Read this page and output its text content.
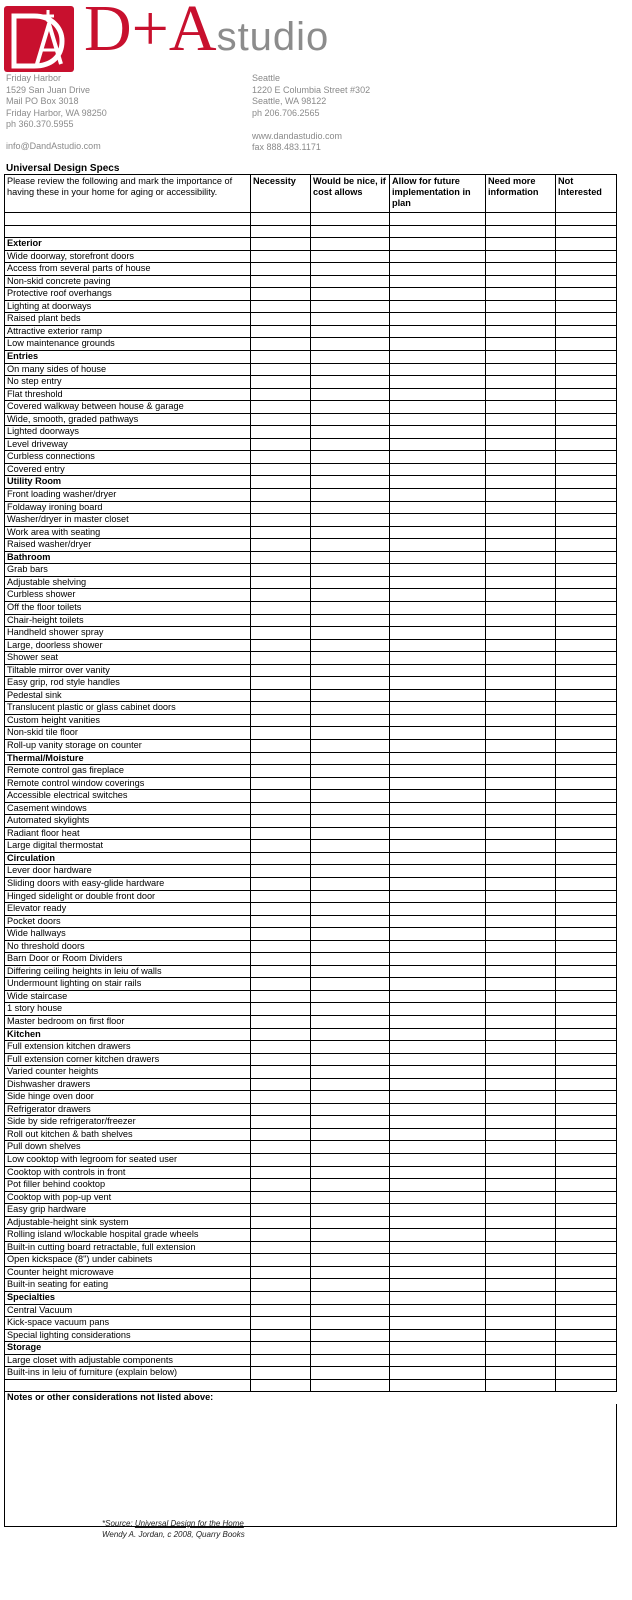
D+Astudio
Friday Harbor
1529 San Juan Drive
Mail PO Box 3018
Friday Harbor, WA 98250
ph 360.370.5955
Seattle
1220 E Columbia Street #302
Seattle, WA 98122
ph 206.706.2565
www.dandastudio.com
fax 888.483.1171
info@DandAstudio.com
Universal Design Specs
Please review the following and mark the importance of having these in your home for aging or accessibility.	Necessity	Would be nice, if cost allows	Allow for future implementation in plan	Need more information	Not Interested

Exterior					
Wide doorway, storefront doors					
Access from several parts of house					
Non-skid concrete paving					
Protective roof overhangs					
Lighting at doorways					
Raised plant beds					
Attractive exterior ramp					
Low maintenance grounds					
Entries					
On many sides of house					
No step entry					
Flat threshold					
Covered walkway between house & garage					
Wide, smooth, graded pathways					
Lighted doorways					
Level driveway					
Curbless connections					
Covered entry					
Utility Room					
Front loading washer/dryer					
Foldaway ironing board					
Washer/dryer in master closet					
Work area with seating					
Raised washer/dryer					
Bathroom					
Grab bars					
Adjustable shelving					
Curbless shower					
Off the floor toilets					
Chair-height toilets					
Handheld shower spray					
Large, doorless shower					
Shower seat					
Tiltable mirror over vanity					
Easy grip, rod style handles					
Pedestal sink					
Translucent plastic or glass cabinet doors					
Custom height vanities					
Non-skid tile floor					
Roll-up vanity storage on counter					
Thermal/Moisture					
Remote control gas fireplace					
Remote control window coverings					
Accessible electrical switches					
Casement windows					
Automated skylights					
Radiant floor heat					
Large digital thermostat					
Circulation					
Lever door hardware					
Sliding doors with easy-glide hardware					
Hinged sidelight or double front door					
Elevator ready					
Pocket doors					
Wide hallways					
No threshold doors					
Barn Door or Room Dividers					
Differing ceiling heights in leiu of walls					
Undermount lighting on stair rails					
Wide staircase					
1 story house					
Master bedroom on first floor					
Kitchen					
Full extension kitchen drawers					
Full extension corner kitchen drawers					
Varied counter heights					
Dishwasher drawers					
Side hinge oven door					
Refrigerator drawers					
Side by side refrigerator/freezer					
Roll out kitchen & bath shelves					
Pull down shelves					
Low cooktop with legroom for seated user					
Cooktop with controls in front					
Pot filler behind cooktop					
Cooktop with pop-up vent					
Easy grip hardware					
Adjustable-height sink system					
Rolling island w/lockable hospital grade wheels					
Built-in cutting board retractable, full extension					
Open kickspace (8") under cabinets					
Counter height microwave					
Built-in seating for eating					
Specialties					
Central Vacuum					
Kick-space vacuum pans					
Special lighting considerations					
Storage					
Large closet with adjustable components					
Built-ins in leiu of furniture (explain below)					

Notes or other considerations not listed above:					

*Source: Universal Design for the Home
Wendy A. Jordan, c 2008, Quarry Books
